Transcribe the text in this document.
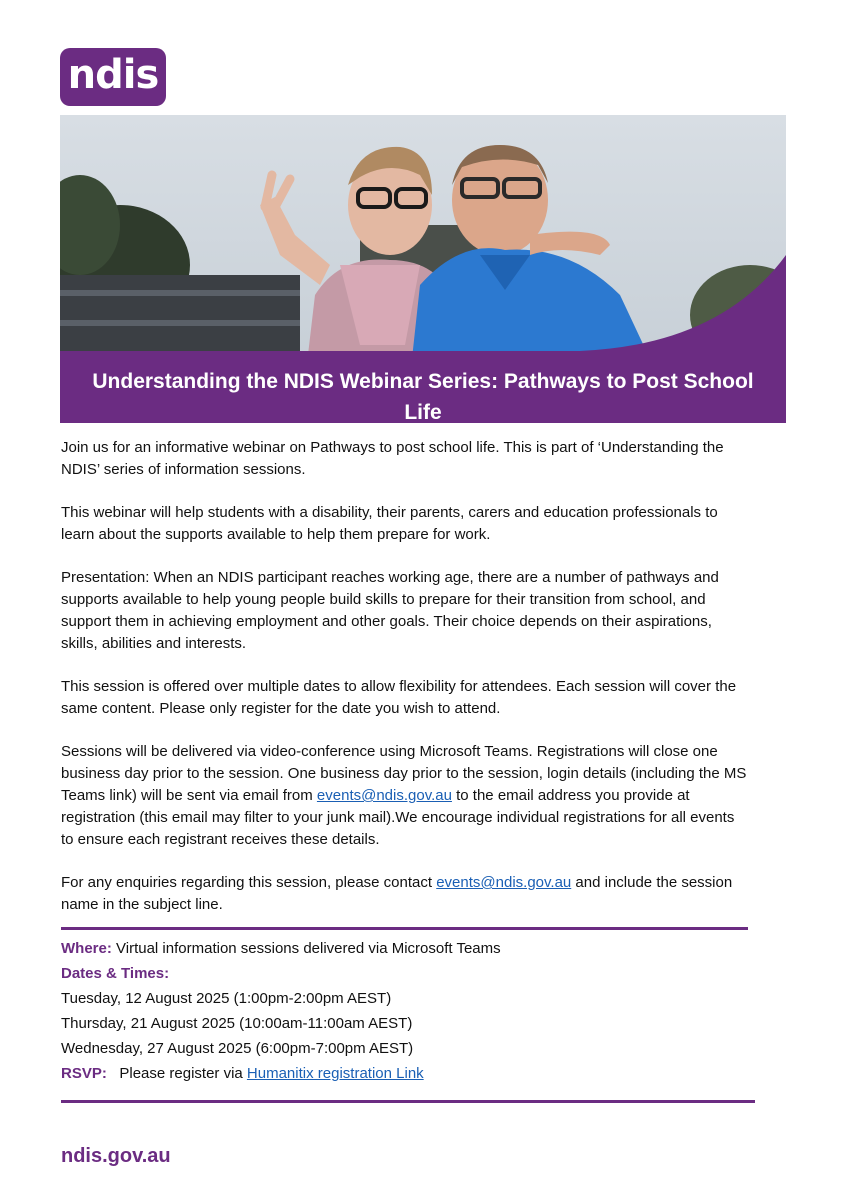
ndis
Understanding the NDIS Webinar Series: Pathways to Post School Life

Join us for an informative webinar on Pathways to post school life. This is part of ‘Understanding the NDIS’ series of information sessions.

This webinar will help students with a disability, their parents, carers and education professionals to learn about the supports available to help them prepare for work.

Presentation: When an NDIS participant reaches working age, there are a number of pathways and supports available to help young people build skills to prepare for their transition from school, and support them in achieving employment and other goals. Their choice depends on their aspirations, skills, abilities and interests.

This session is offered over multiple dates to allow flexibility for attendees. Each session will cover the same content. Please only register for the date you wish to attend.

Sessions will be delivered via video-conference using Microsoft Teams. Registrations will close one business day prior to the session. One business day prior to the session, login details (including the MS Teams link) will be sent via email from events@ndis.gov.au to the email address you provide at registration (this email may filter to your junk mail).We encourage individual registrations for all events to ensure each registrant receives these details.

For any enquiries regarding this session, please contact events@ndis.gov.au and include the session name in the subject line.

Where: Virtual information sessions delivered via Microsoft Teams
Dates & Times:
Tuesday, 12 August 2025 (1:00pm-2:00pm AEST)
Thursday, 21 August 2025 (10:00am-11:00am AEST)
Wednesday, 27 August 2025 (6:00pm-7:00pm AEST)
RSVP: Please register via Humanitix registration Link
ndis.gov.au
